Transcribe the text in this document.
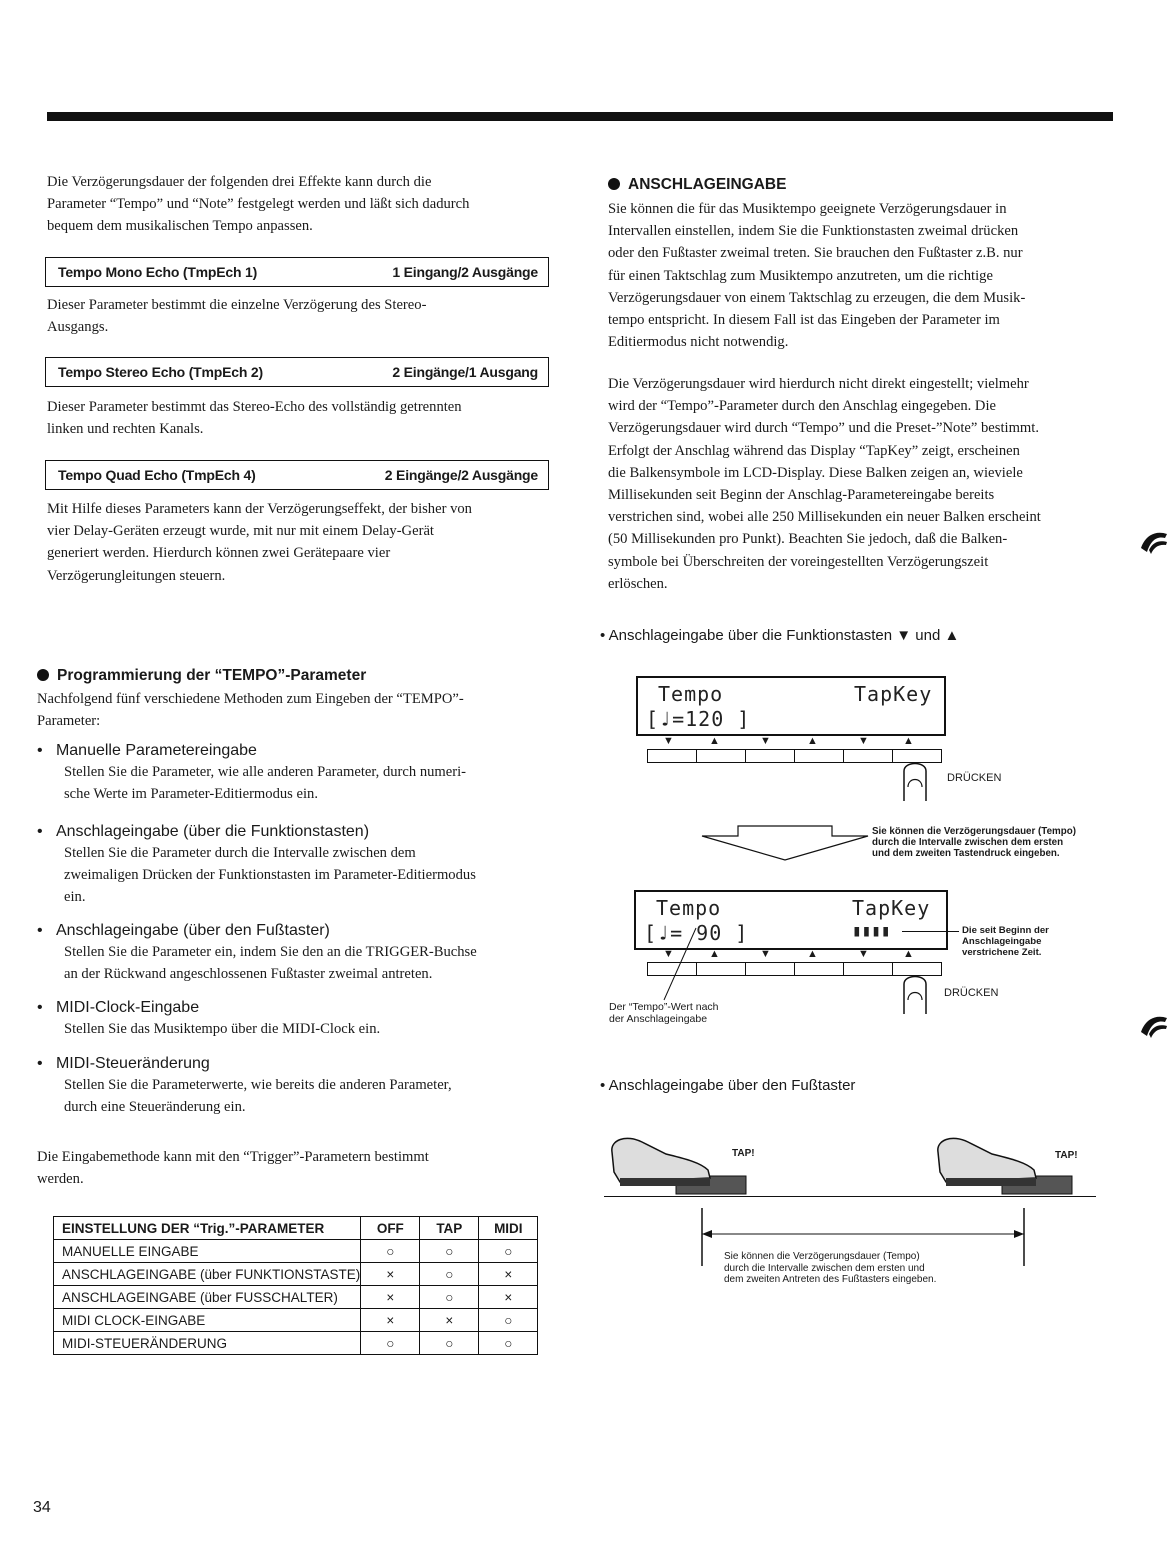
Die Verzögerungsdauer der folgenden drei Effekte kann durch die

Parameter “Tempo” und “Note” festgelegt werden und läßt sich dadurch

bequem dem musikalischen Tempo anpassen.

Tempo Mono Echo (TmpEch 1)	1 Eingang/2 Ausgänge

Dieser Parameter bestimmt die einzelne Verzögerung des Stereo-

Ausgangs.

Tempo Stereo Echo (TmpEch 2)	2 Eingänge/1 Ausgang

Dieser Parameter bestimmt das Stereo-Echo des vollständig getrennten

linken und rechten Kanals.

Tempo Quad Echo (TmpEch 4)	2 Eingänge/2 Ausgänge

Mit Hilfe dieses Parameters kann der Verzögerungseffekt, der bisher von

vier Delay-Geräten erzeugt wurde, mit nur mit einem Delay-Gerät

generiert werden. Hierdurch können zwei Gerätepaare vier

Verzögerungleitungen steuern.

Programmierung der “TEMPO”-Parameter

Nachfolgend fünf verschiedene Methoden zum Eingeben der “TEMPO”-

Parameter:

•   Manuelle Parametereingabe

Stellen Sie die Parameter, wie alle anderen Parameter, durch numeri-

sche Werte im Parameter-Editiermodus ein.

•   Anschlageingabe (über die Funktionstasten)

Stellen Sie die Parameter durch die Intervalle zwischen dem

zweimaligen Drücken der Funktionstasten im Parameter-Editiermodus

ein.

•   Anschlageingabe (über den Fußtaster)

Stellen Sie die Parameter ein, indem Sie den an die TRIGGER-Buchse

an der Rückwand angeschlossenen Fußtaster zweimal antreten.

•   MIDI-Clock-Eingabe

Stellen Sie das Musiktempo über die MIDI-Clock ein.

•   MIDI-Steueränderung

Stellen Sie die Parameterwerte, wie bereits die anderen Parameter,

durch eine Steueränderung ein.

Die Eingabemethode kann mit den “Trigger”-Parametern bestimmt

werden.

EINSTELLUNG DER “Trig.”-PARAMETER	OFF	TAP	MIDI
MANUELLE EINGABE	○	○	○
ANSCHLAGEINGABE (über FUNKTIONSTASTE)	×	○	×
ANSCHLAGEINGABE (über FUSSCHALTER)	×	○	×
MIDI CLOCK-EINGABE	×	×	○
MIDI-STEUERÄNDERUNG	○	○	○
34
ANSCHLAGEINGABE

Sie können die für das Musiktempo geeignete Verzögerungsdauer in

Intervallen einstellen, indem Sie die Funktionstasten zweimal drücken

oder den Fußtaster zweimal treten. Sie brauchen den Fußtaster z.B. nur

für einen Taktschlag zum Musiktempo anzutreten, um die richtige

Verzögerungsdauer von einem Taktschlag zu erzeugen, die dem Musik-

tempo entspricht. In diesem Fall ist das Eingeben der Parameter im

Editiermodus nicht notwendig.

Die Verzögerungsdauer wird hierdurch nicht direkt eingestellt; vielmehr

wird der “Tempo”-Parameter durch den Anschlag eingegeben. Die

Verzögerungsdauer wird durch “Tempo” und die Preset-”Note” bestimmt.

Erfolgt der Anschlag während das Display “TapKey” zeigt, erscheinen

die Balkensymbole im LCD-Display. Diese Balken zeigen an, wieviele

Millisekunden seit Beginn der Anschlag-Parametereingabe bereits

verstrichen sind, wobei alle 250 Millisekunden ein neuer Balken erscheint

(50 Millisekunden pro Punkt). Beachten Sie jedoch, daß die Balken-

symbole bei Überschreiten der voreingestellten Verzögerungszeit

erlöschen.

• Anschlageingabe über die Funktionstasten ▼ und ▲
Tempo	TapKey
[♩=120 ]
▼	▲	▼	▲	▼	▲
DRÜCKEN
Sie können die Verzögerungsdauer (Tempo)
durch die Intervalle zwischen dem ersten
und dem zweiten Tastendruck eingeben.
Tempo	TapKey
[♩= 90 ]	▮▮▮▮	Die seit Beginn der
Anschlageingabe
verstrichene Zeit.
▼	▲	▼	▲	▼	▲
DRÜCKEN
Der “Tempo”-Wert nach
der Anschlageingabe
• Anschlageingabe über den Fußtaster
TAP!	TAP!
Sie können die Verzögerungsdauer (Tempo)
durch die Intervalle zwischen dem ersten und
dem zweiten Antreten des Fußtasters eingeben.
